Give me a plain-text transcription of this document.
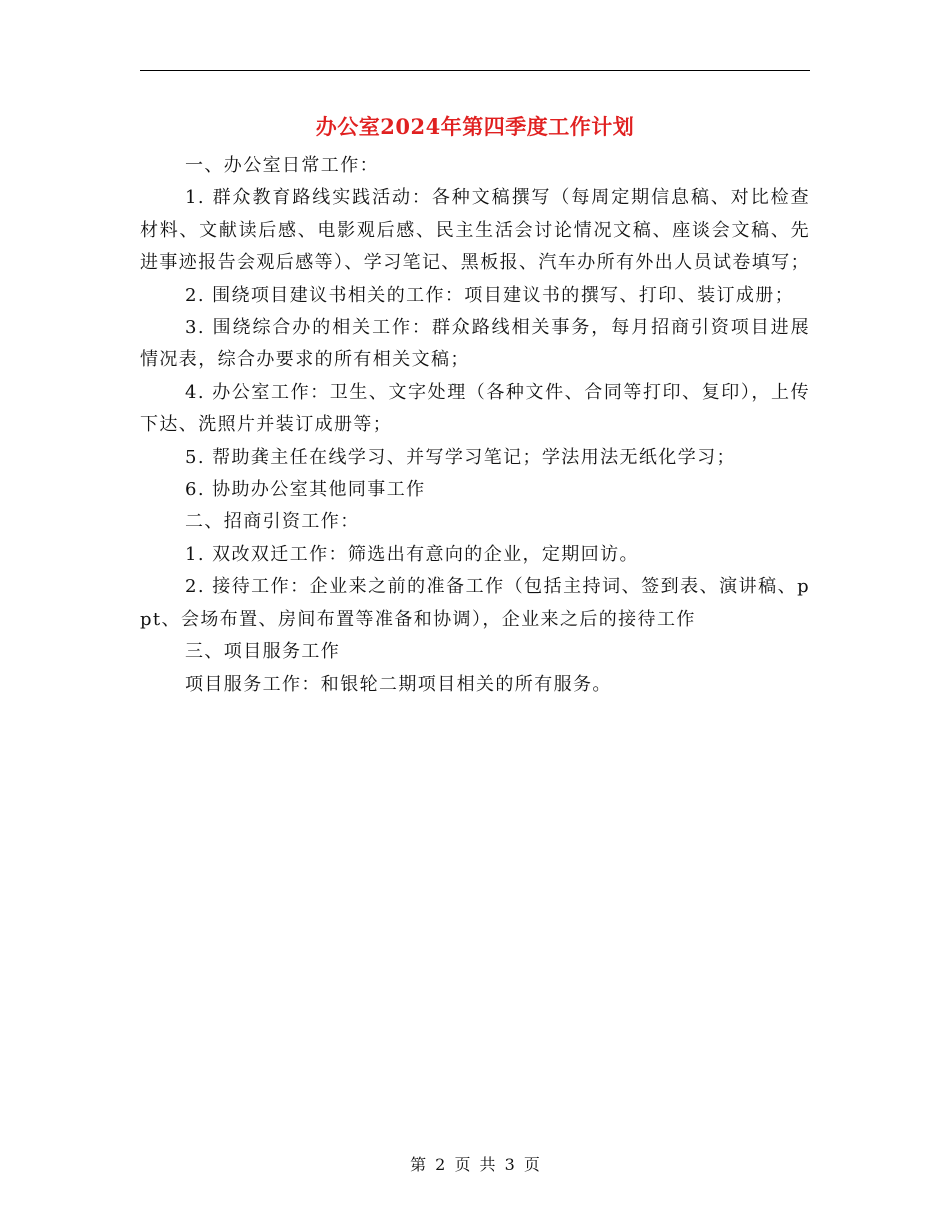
办公室2024年第四季度工作计划

一、办公室日常工作：

1. 群众教育路线实践活动：各种文稿撰写（每周定期信息稿、对比检查材料、文献读后感、电影观后感、民主生活会讨论情况文稿、座谈会文稿、先进事迹报告会观后感等）、学习笔记、黑板报、汽车办所有外出人员试卷填写；

2. 围绕项目建议书相关的工作：项目建议书的撰写、打印、装订成册；

3. 围绕综合办的相关工作：群众路线相关事务，每月招商引资项目进展情况表，综合办要求的所有相关文稿；

4. 办公室工作：卫生、文字处理（各种文件、合同等打印、复印），上传下达、洗照片并装订成册等；

5. 帮助龚主任在线学习、并写学习笔记；学法用法无纸化学习；

6. 协助办公室其他同事工作

二、招商引资工作：

1. 双改双迁工作：筛选出有意向的企业，定期回访。

2. 接待工作：企业来之前的准备工作（包括主持词、签到表、演讲稿、ppt、会场布置、房间布置等准备和协调），企业来之后的接待工作

三、项目服务工作

项目服务工作：和银轮二期项目相关的所有服务。

第 2 页 共 3 页
